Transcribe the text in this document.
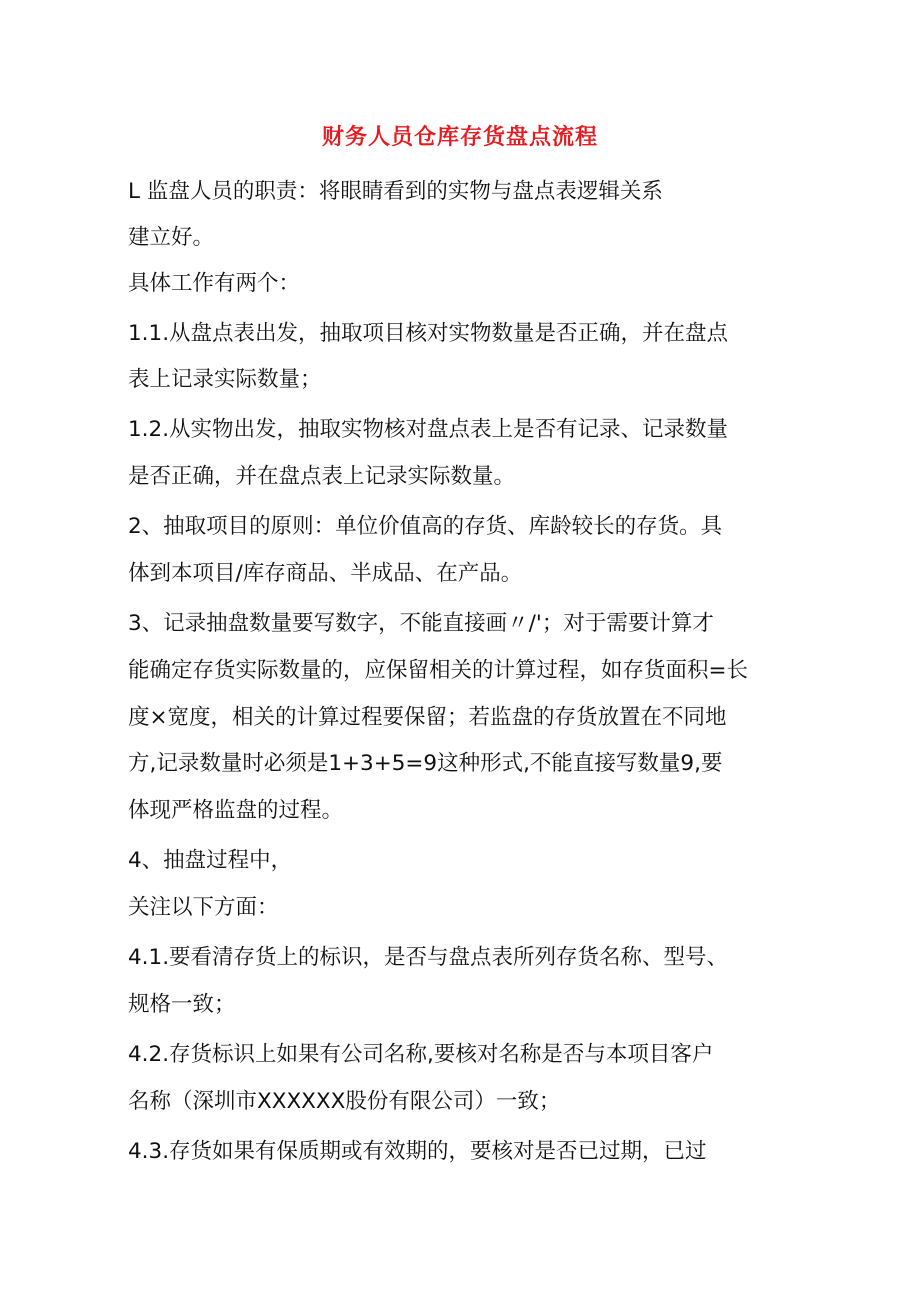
财务人员仓库存货盘点流程
L 监盘人员的职责：将眼睛看到的实物与盘点表逻辑关系
建立好。
具体工作有两个：
1.1.从盘点表出发，抽取项目核对实物数量是否正确，并在盘点
表上记录实际数量；
1.2.从实物出发，抽取实物核对盘点表上是否有记录、记录数量
是否正确，并在盘点表上记录实际数量。
2、抽取项目的原则：单位价值高的存货、库龄较长的存货。具
体到本项目/库存商品、半成品、在产品。
3、记录抽盘数量要写数字，不能直接画〃/'；对于需要计算才
能确定存货实际数量的，应保留相关的计算过程，如存货面积=长
度×宽度，相关的计算过程要保留；若监盘的存货放置在不同地
方,记录数量时必须是1+3+5=9这种形式,不能直接写数量9,要
体现严格监盘的过程。
4、抽盘过程中，
关注以下方面：
4.1.要看清存货上的标识，是否与盘点表所列存货名称、型号、
规格一致；
4.2.存货标识上如果有公司名称,要核对名称是否与本项目客户
名称（深圳市XXXXXX股份有限公司）一致；
4.3.存货如果有保质期或有效期的，要核对是否已过期，已过
